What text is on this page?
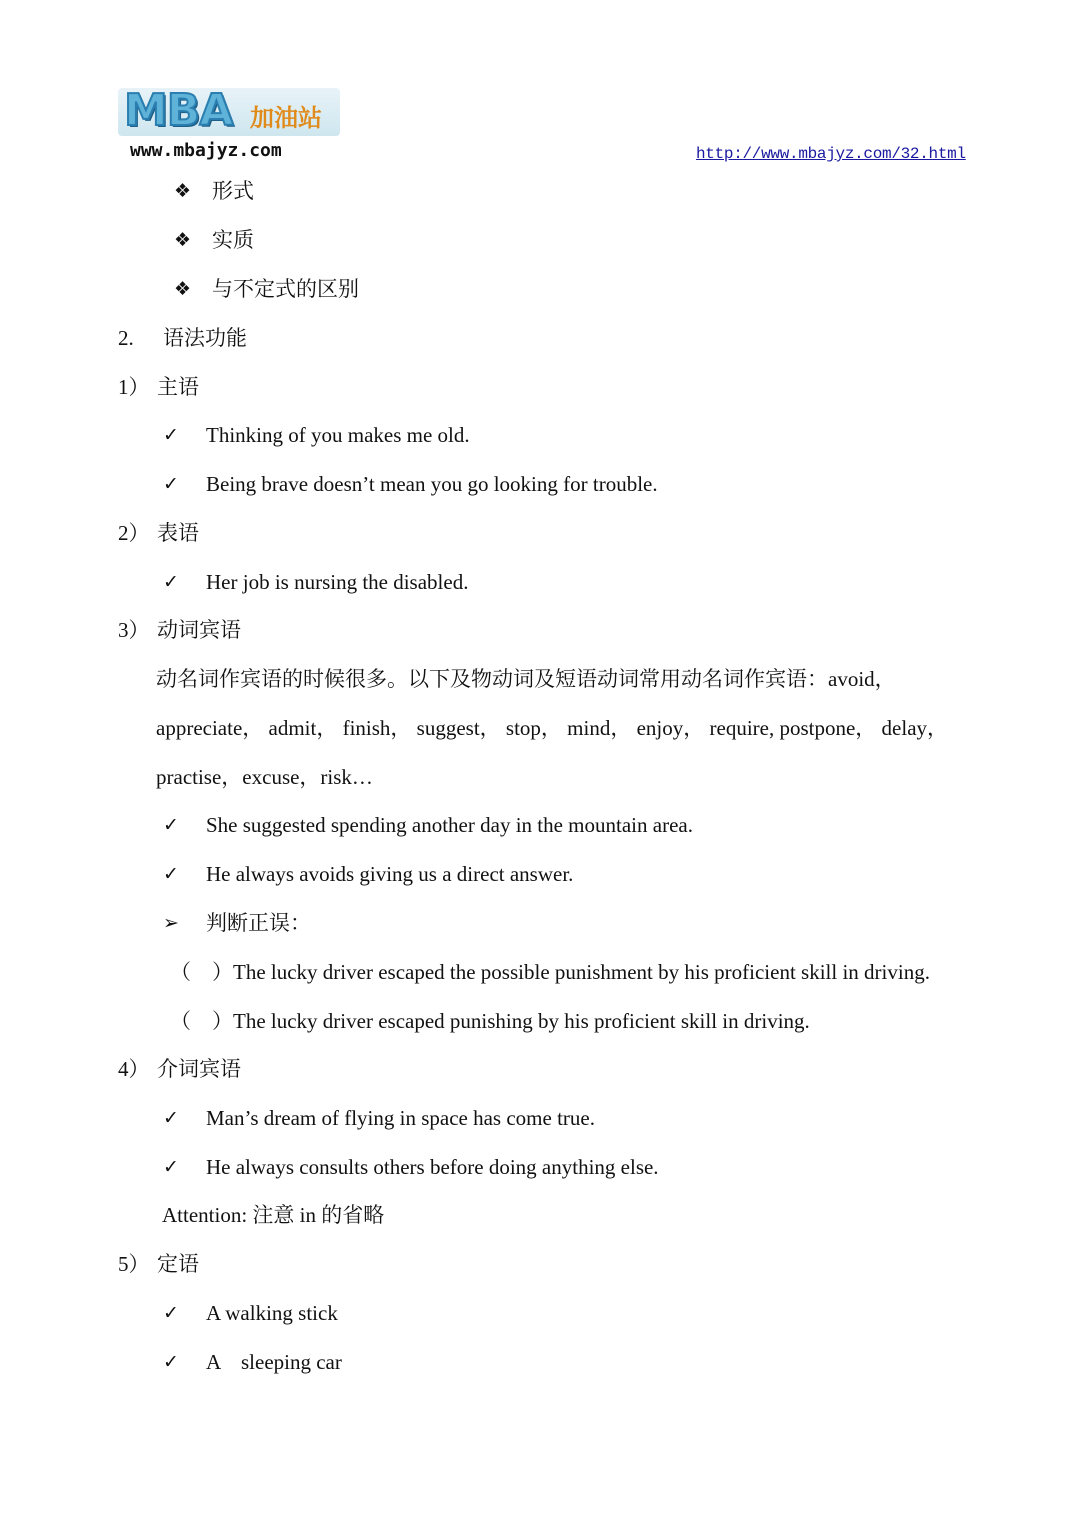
MBA 加油站
www.mbajyz.com	http://www.mbajyz.com/32.html
❖ 形式
❖ 实质
❖ 与不定式的区别
2. 语法功能
1） 主语
✓ Thinking of you makes me old.
✓ Being brave doesn’t mean you go looking for trouble.
2） 表语
✓ Her job is nursing the disabled.
3） 动词宾语
动名词作宾语的时候很多。以下及物动词及短语动词常用动名词作宾语：avoid，
appreciate， admit， finish， suggest， stop， mind， enjoy， require, postpone， delay，
practise，excuse，risk…
✓ She suggested spending another day in the mountain area.
✓ He always avoids giving us a direct answer.
➢ 判断正误：
（　）The lucky driver escaped the possible punishment by his proficient skill in driving.
（　）The lucky driver escaped punishing by his proficient skill in driving.
4） 介词宾语
✓ Man’s dream of flying in space has come true.
✓ He always consults others before doing anything else.
Attention: 注意 in 的省略
5） 定语
✓ A walking stick
✓ A　sleeping car
